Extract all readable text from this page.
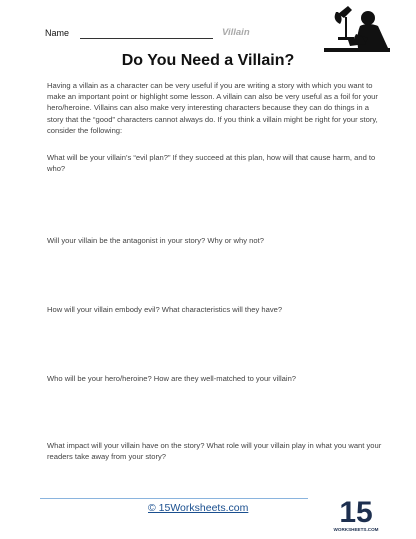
Name	Villain
Do You Need a Villain?

Having a villain as a character can be very useful if you are writing a story with which you want to make an important point or highlight some lesson. A villain can also be very useful as a foil for your hero/heroine. Villains can also make very interesting characters because they can do things in a story that the “good” characters cannot always do. If you think a villain might be right for your story, consider the following:

What will be your villain’s “evil plan?” If they succeed at this plan, how will that cause harm, and to who?

Will your villain be the antagonist in your story? Why or why not?

How will your villain embody evil? What characteristics will they have?

Who will be your hero/heroine? How are they well-matched to your villain?

What impact will your villain have on the story? What role will your villain play in what you want your readers take away from your story?

© 15Worksheets.com	15
WORKSHEETS.COM
